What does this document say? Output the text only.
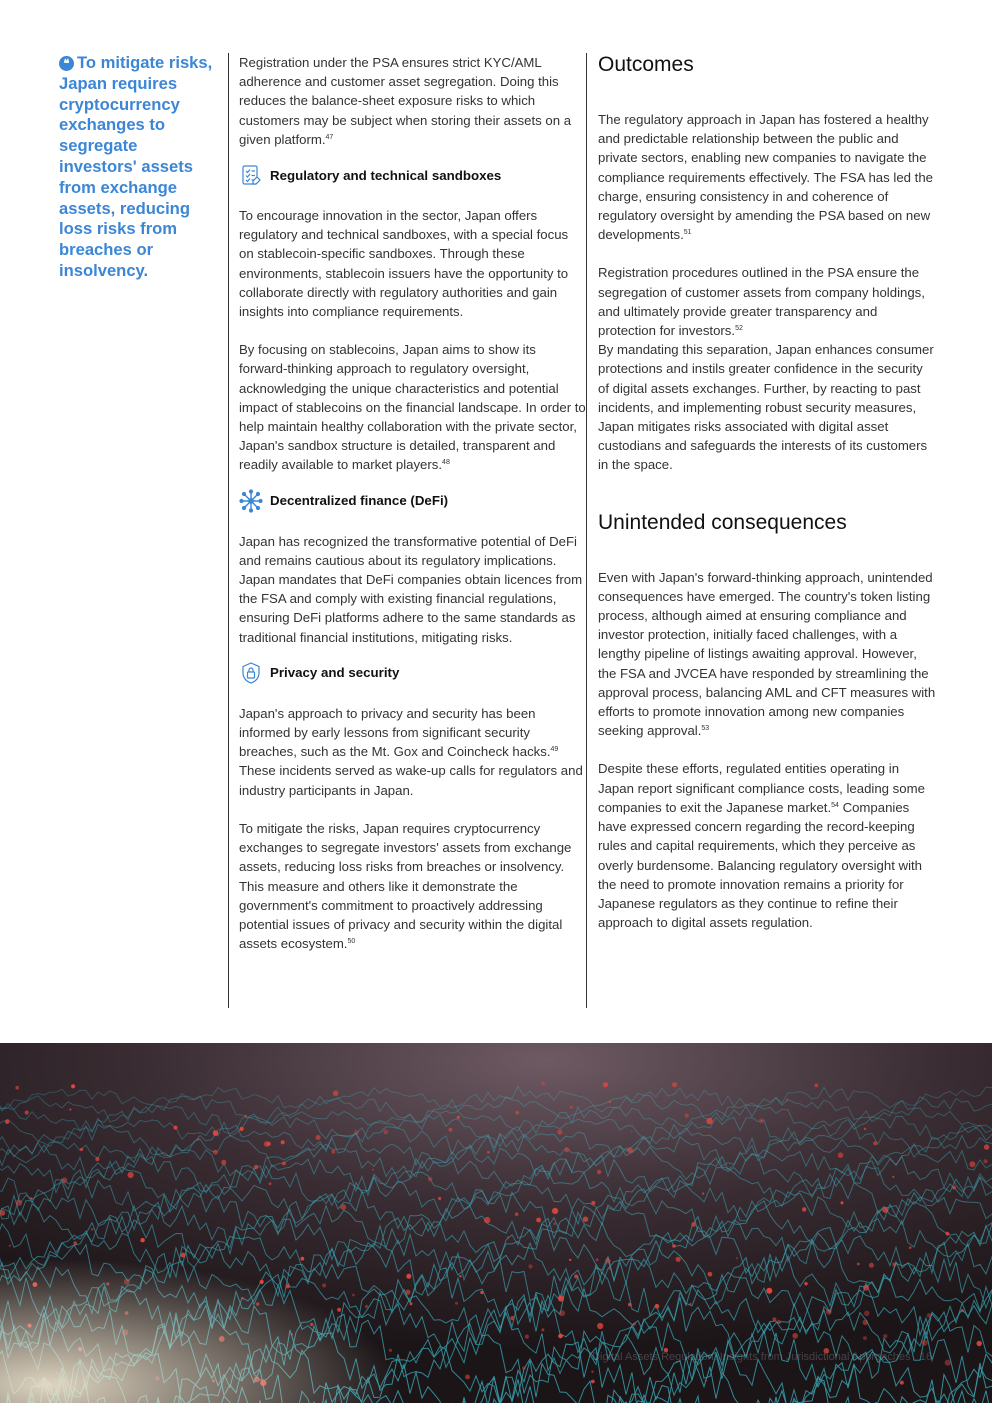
❝ To mitigate risks, Japan requires cryptocurrency exchanges to segregate investors' assets from exchange assets, reducing loss risks from breaches or insolvency.

Registration under the PSA ensures strict KYC/AML adherence and customer asset segregation. Doing this reduces the balance-sheet exposure risks to which customers may be subject when storing their assets on a given platform.$^{47}$

Regulatory and technical sandboxes

To encourage innovation in the sector, Japan offers regulatory and technical sandboxes, with a special focus on stablecoin-specific sandboxes. Through these environments, stablecoin issuers have the opportunity to collaborate directly with regulatory authorities and gain insights into compliance requirements.

By focusing on stablecoins, Japan aims to show its forward-thinking approach to regulatory oversight, acknowledging the unique characteristics and potential impact of stablecoins on the financial landscape. In order to help maintain healthy collaboration with the private sector, Japan's sandbox structure is detailed, transparent and readily available to market players.$^{48}$

Decentralized finance (DeFi)

Japan has recognized the transformative potential of DeFi and remains cautious about its regulatory implications. Japan mandates that DeFi companies obtain licences from the FSA and comply with existing financial regulations, ensuring DeFi platforms adhere to the same standards as traditional financial institutions, mitigating risks.

Privacy and security

Japan's approach to privacy and security has been informed by early lessons from significant security breaches, such as the Mt. Gox and Coincheck hacks.$^{49}$ These incidents served as wake-up calls for regulators and industry participants in Japan.

To mitigate the risks, Japan requires cryptocurrency exchanges to segregate investors' assets from exchange assets, reducing loss risks from breaches or insolvency. This measure and others like it demonstrate the government's commitment to proactively addressing potential issues of privacy and security within the digital assets ecosystem.$^{50}$

Outcomes

The regulatory approach in Japan has fostered a healthy and predictable relationship between the public and private sectors, enabling new companies to navigate the compliance requirements effectively. The FSA has led the charge, ensuring consistency in and coherence of regulatory oversight by amending the PSA based on new developments.$^{51}$

Registration procedures outlined in the PSA ensure the segregation of customer assets from company holdings, and ultimately provide greater transparency and protection for investors.$^{52}$
By mandating this separation, Japan enhances consumer protections and instils greater confidence in the security of digital assets exchanges. Further, by reacting to past incidents, and implementing robust security measures, Japan mitigates risks associated with digital asset custodians and safeguards the interests of its customers in the space.

Unintended consequences

Even with Japan's forward-thinking approach, unintended consequences have emerged. The country's token listing process, although aimed at ensuring compliance and investor protection, initially faced challenges, with a lengthy pipeline of listings awaiting approval. However, the FSA and JVCEA have responded by streamlining the approval process, balancing AML and CFT measures with efforts to promote innovation among new companies seeking approval.$^{53}$

Despite these efforts, regulated entities operating in Japan report significant compliance costs, leading some companies to exit the Japanese market.$^{54}$ Companies have expressed concern regarding the record-keeping rules and capital requirements, which they perceive as overly burdensome. Balancing regulatory oversight with the need to promote innovation remains a priority for Japanese regulators as they continue to refine their approach to digital assets regulation.

Digital Assets Regulation: Insights from Jurisdictional Approaches 16
